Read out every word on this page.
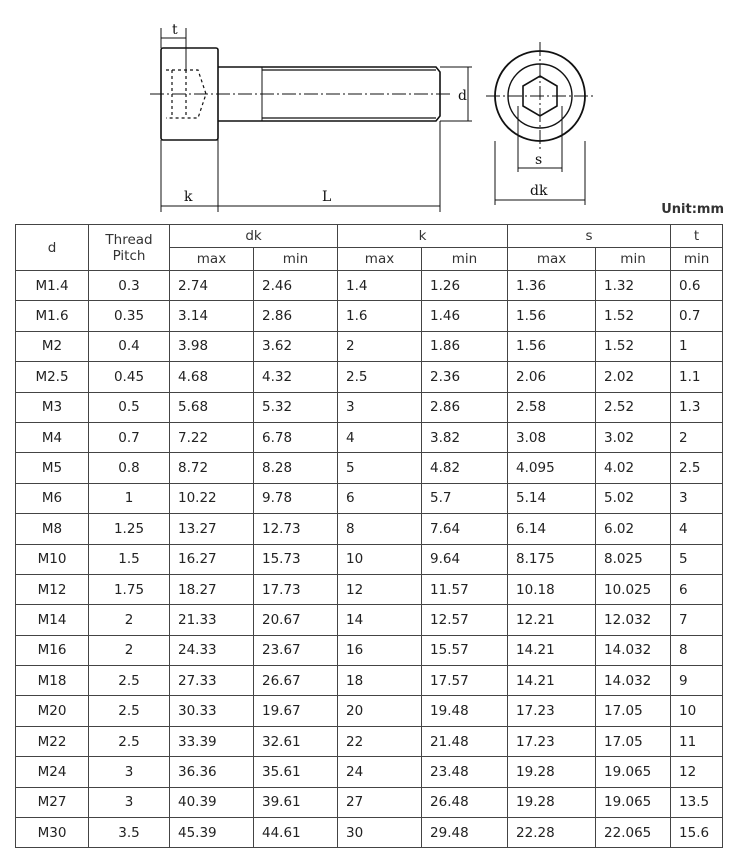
t
d
k	L
s
dk
Unit:mm
d	Thread
Pitch	dk		k		s		t
		max	min	max	min	max	min	min
M1.4	0.3	2.74	2.46	1.4	1.26	1.36	1.32	0.6
M1.6	0.35	3.14	2.86	1.6	1.46	1.56	1.52	0.7
M2	0.4	3.98	3.62	2	1.86	1.56	1.52	1
M2.5	0.45	4.68	4.32	2.5	2.36	2.06	2.02	1.1
M3	0.5	5.68	5.32	3	2.86	2.58	2.52	1.3
M4	0.7	7.22	6.78	4	3.82	3.08	3.02	2
M5	0.8	8.72	8.28	5	4.82	4.095	4.02	2.5
M6	1	10.22	9.78	6	5.7	5.14	5.02	3
M8	1.25	13.27	12.73	8	7.64	6.14	6.02	4
M10	1.5	16.27	15.73	10	9.64	8.175	8.025	5
M12	1.75	18.27	17.73	12	11.57	10.18	10.025	6
M14	2	21.33	20.67	14	12.57	12.21	12.032	7
M16	2	24.33	23.67	16	15.57	14.21	14.032	8
M18	2.5	27.33	26.67	18	17.57	14.21	14.032	9
M20	2.5	30.33	19.67	20	19.48	17.23	17.05	10
M22	2.5	33.39	32.61	22	21.48	17.23	17.05	11
M24	3	36.36	35.61	24	23.48	19.28	19.065	12
M27	3	40.39	39.61	27	26.48	19.28	19.065	13.5
M30	3.5	45.39	44.61	30	29.48	22.28	22.065	15.6
